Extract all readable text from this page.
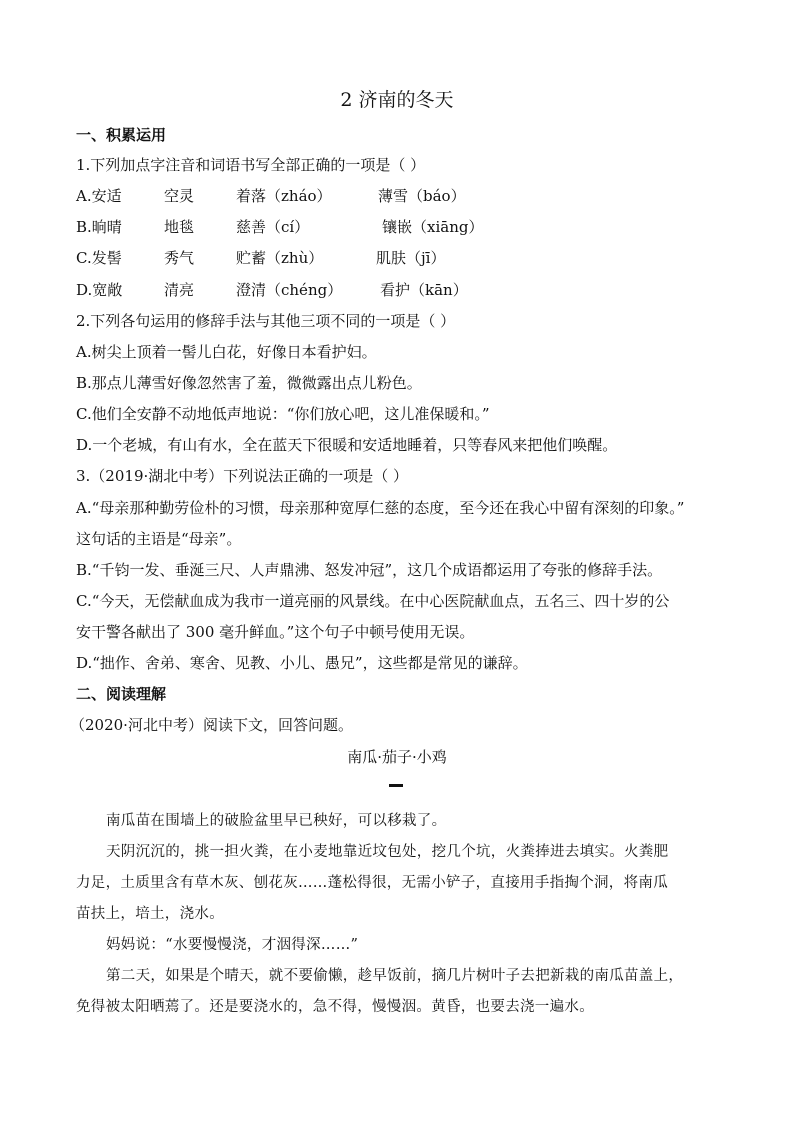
2 济南的冬天
一、积累运用
1.下列加点字注音和词语书写全部正确的一项是（ ）
A.安适	空灵	着落（zháo）	薄雪（báo）
B.晌晴	地毯	慈善（cí）	镶嵌（xiāng）
C.发髻	秀气	贮蓄（zhù）	肌肤（jī）
D.宽敞	清亮	澄清（chéng）	看护（kān）
2.下列各句运用的修辞手法与其他三项不同的一项是（ ）
A.树尖上顶着一髻儿白花，好像日本看护妇。
B.那点儿薄雪好像忽然害了羞，微微露出点儿粉色。
C.他们全安静不动地低声地说：“你们放心吧，这儿准保暖和。”
D.一个老城，有山有水，全在蓝天下很暖和安适地睡着，只等春风来把他们唤醒。
3.（2019·湖北中考）下列说法正确的一项是（ ）
A.“母亲那种勤劳俭朴的习惯，母亲那种宽厚仁慈的态度，至今还在我心中留有深刻的印象。”
这句话的主语是“母亲”。
B.“千钧一发、垂涎三尺、人声鼎沸、怒发冲冠”，这几个成语都运用了夸张的修辞手法。
C.“今天，无偿献血成为我市一道亮丽的风景线。在中心医院献血点，五名三、四十岁的公
安干警各献出了 300 毫升鲜血。”这个句子中顿号使用无误。
D.“拙作、舍弟、寒舍、见教、小儿、愚兄”，这些都是常见的谦辞。
二、阅读理解
（2020·河北中考）阅读下文，回答问题。
南瓜·茄子·小鸡
南瓜苗在围墙上的破脸盆里早已秧好，可以移栽了。
天阴沉沉的，挑一担火粪，在小麦地靠近坟包处，挖几个坑，火粪捧进去填实。火粪肥
力足，土质里含有草木灰、刨花灰……蓬松得很，无需小铲子，直接用手指掏个洞，将南瓜
苗扶上，培土，浇水。
妈妈说：“水要慢慢浇，才洇得深……”
第二天，如果是个晴天，就不要偷懒，趁早饭前，摘几片树叶子去把新栽的南瓜苗盖上，
免得被太阳晒蔫了。还是要浇水的，急不得，慢慢洇。黄昏，也要去浇一遍水。
